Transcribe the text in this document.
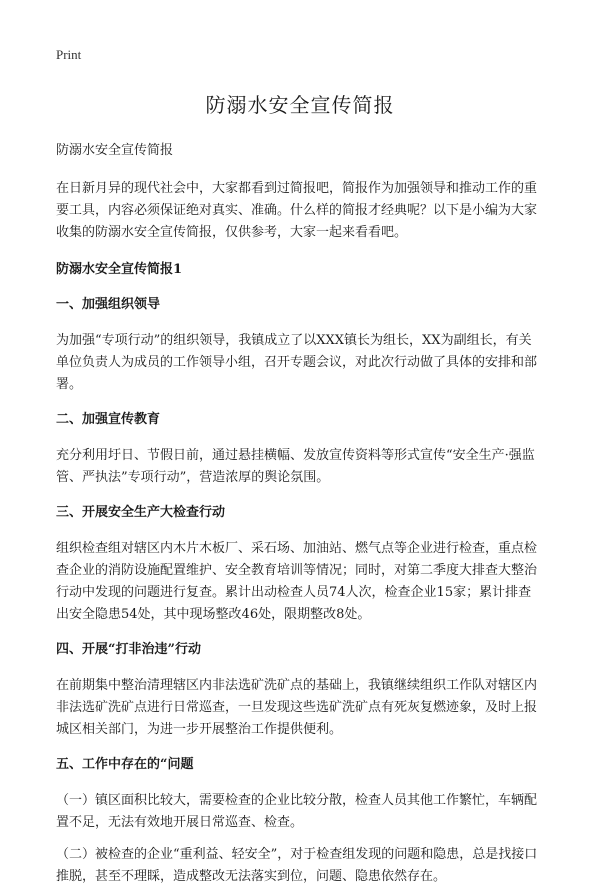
Print
防溺水安全宣传简报

防溺水安全宣传简报

在日新月异的现代社会中，大家都看到过简报吧，简报作为加强领导和推动工作的重要工具，内容必须保证绝对真实、准确。什么样的简报才经典呢？以下是小编为大家收集的防溺水安全宣传简报，仅供参考，大家一起来看看吧。

防溺水安全宣传简报1
一、加强组织领导

为加强“专项行动”的组织领导，我镇成立了以XXX镇长为组长，XX为副组长，有关单位负责人为成员的工作领导小组，召开专题会议，对此次行动做了具体的安排和部署。

二、加强宣传教育

充分利用圩日、节假日前，通过悬挂横幅、发放宣传资料等形式宣传“安全生产·强监管、严执法”专项行动”，营造浓厚的舆论氛围。

三、开展安全生产大检查行动

组织检查组对辖区内木片木板厂、采石场、加油站、燃气点等企业进行检查，重点检查企业的消防设施配置维护、安全教育培训等情况；同时，对第二季度大排查大整治行动中发现的问题进行复查。累计出动检查人员74人次，检查企业15家；累计排查出安全隐患54处，其中现场整改46处，限期整改8处。

四、开展“打非治违”行动

在前期集中整治清理辖区内非法选矿洗矿点的基础上，我镇继续组织工作队对辖区内非法选矿洗矿点进行日常巡查，一旦发现这些选矿洗矿点有死灰复燃迹象，及时上报城区相关部门，为进一步开展整治工作提供便利。

五、工作中存在的“问题

（一）镇区面积比较大，需要检查的企业比较分散，检查人员其他工作繁忙，车辆配置不足，无法有效地开展日常巡查、检查。

（二）被检查的企业“重利益、轻安全”，对于检查组发现的问题和隐患，总是找接口推脱，甚至不理睬，造成整改无法落实到位，问题、隐患依然存在。
